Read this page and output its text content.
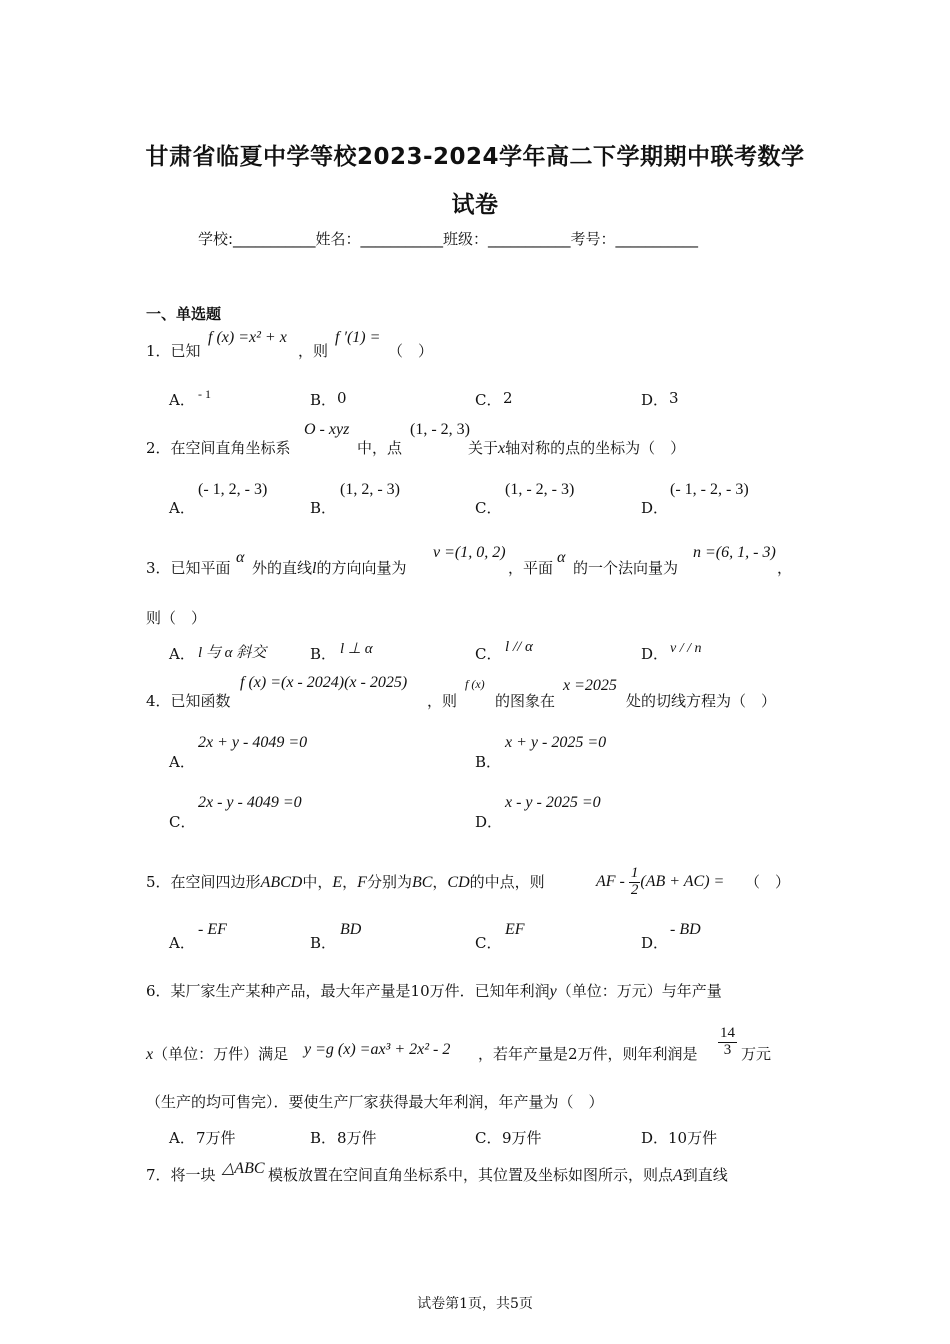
甘肃省临夏中学等校2023-2024学年高二下学期期中联考数学
试卷
学校:___________姓名：___________班级：___________考号：___________
一、单选题
1．已知
f (x) =x² + x
，则
f ′(1) =
（　）
A． - 1	B． 0	C． 2	D． 3
2．在空间直角坐标系
O - xyz
中，点
(1, - 2, 3)
关于x轴对称的点的坐标为（　）
A．
(- 1, 2, - 3)
B．
(1, 2, - 3)
C．
(1, - 2, - 3)
D．
(- 1, - 2, - 3)
3．已知平面
α
外的直线l的方向向量为
v =(1, 0, 2)
，平面
α
的一个法向量为
n =(6, 1, - 3)
，
则（　）
A． l 与 α 斜交	B． l ⊥ α	C． l // α	D． v / / n
4．已知函数
f (x) =(x - 2024)(x - 2025)
，则
f (x)
的图象在
x =2025
处的切线方程为（　）
A．
2x + y - 4049 =0
B．
x + y - 2025 =0
C．
2x - y - 4049 =0
D．
x - y - 2025 =0
5．在空间四边形ABCD中，E，F分别为BC，CD的中点，则	AF - $\frac{1}{2} (AB + AC)$ = （　）
A．
- EF
B．
BD
C．
EF
D．
- BD
6．某厂家生产某种产品，最大年产量是10万件．已知年利润y（单位：万元）与年产量
x（单位：万件）满足 y =g (x) =ax³ + 2x² - 2 ，若年产量是2万件，则年利润是 $\frac{14}{3}$ 万元
（生产的均可售完）．要使生产厂家获得最大年利润，年产量为（　）
A． 7万件	B． 8万件	C． 9万件	D． 10万件
7．将一块 △ABC 模板放置在空间直角坐标系中，其位置及坐标如图所示，则点A到直线
试卷第1页，共5页
